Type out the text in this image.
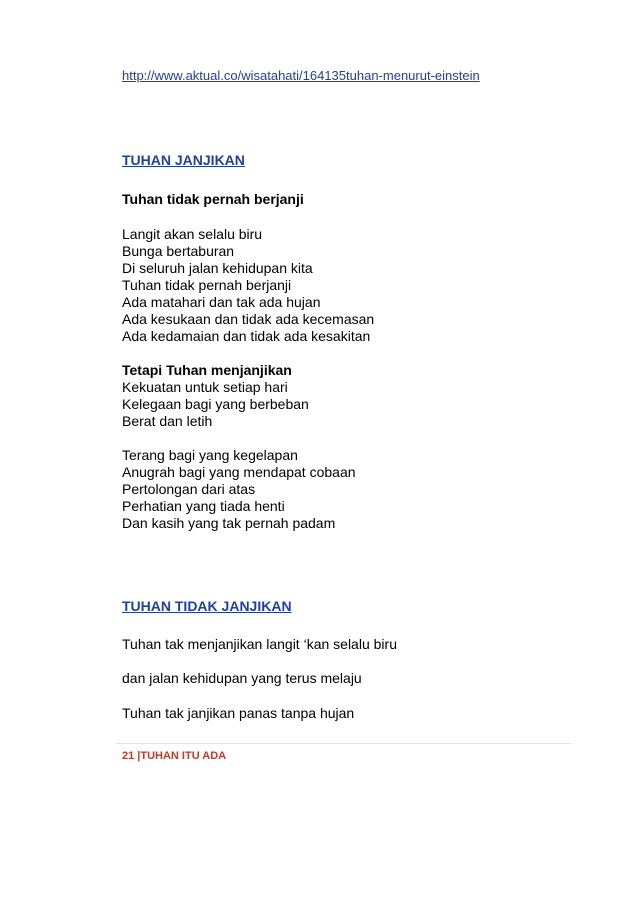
http://www.aktual.co/wisatahati/164135tuhan-menurut-einstein
TUHAN JANJIKAN
Tuhan tidak pernah berjanji
Langit akan selalu biru
Bunga bertaburan
Di seluruh jalan kehidupan kita
Tuhan tidak pernah berjanji
Ada matahari dan tak ada hujan
Ada kesukaan dan tidak ada kecemasan
Ada kedamaian dan tidak ada kesakitan
Tetapi Tuhan menjanjikan
Kekuatan untuk setiap hari
Kelegaan bagi yang berbeban
Berat dan letih
Terang bagi yang kegelapan
Anugrah bagi yang mendapat cobaan
Pertolongan dari atas
Perhatian yang tiada henti
Dan kasih yang tak pernah padam
TUHAN TIDAK JANJIKAN
Tuhan tak menjanjikan langit ‘kan selalu biru
dan jalan kehidupan yang terus melaju
Tuhan tak janjikan panas tanpa hujan
21 |TUHAN ITU ADA
